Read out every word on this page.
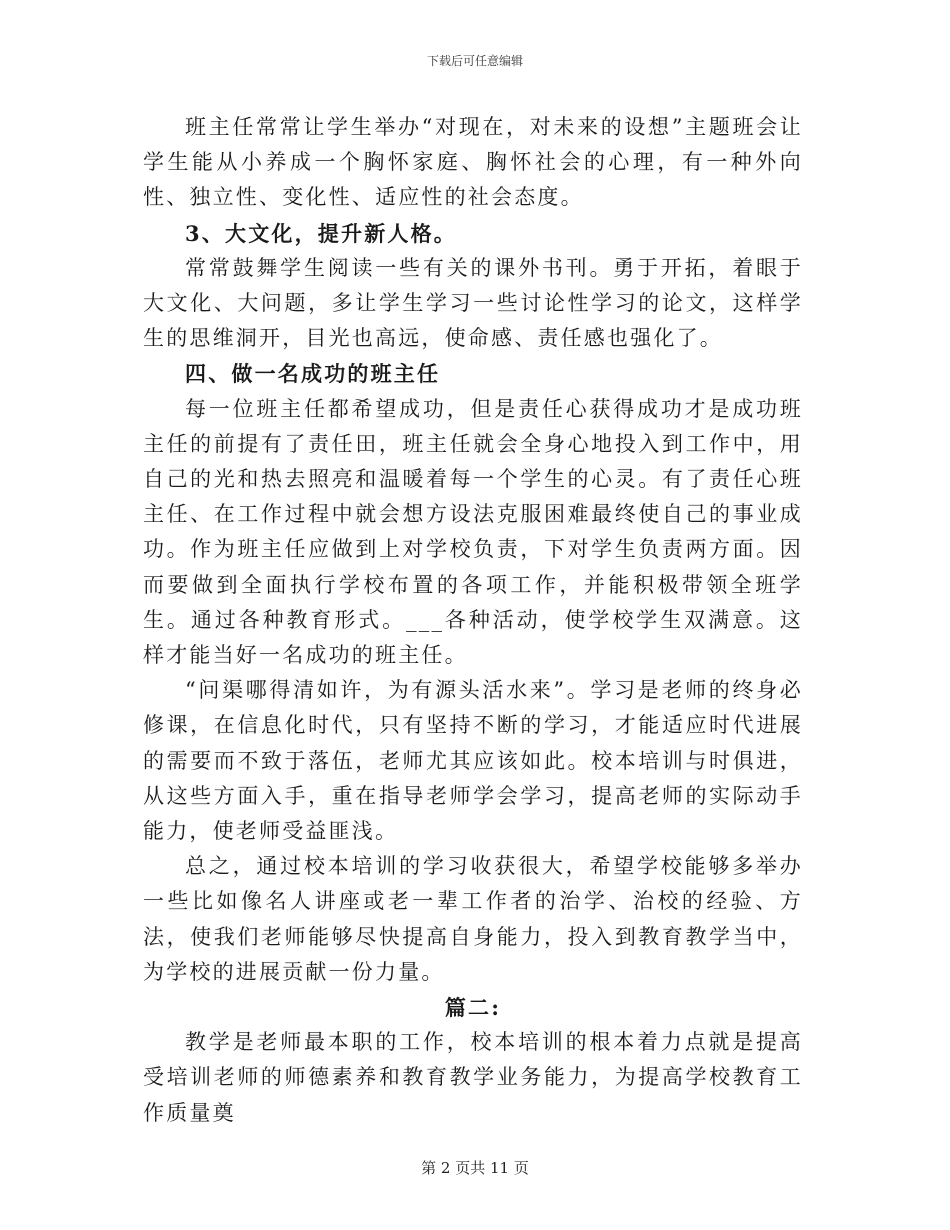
下载后可任意编辑

班主任常常让学生举办“对现在，对未来的设想”主题班会让学生能从小养成一个胸怀家庭、胸怀社会的心理，有一种外向性、独立性、变化性、适应性的社会态度。

3、大文化，提升新人格。

常常鼓舞学生阅读一些有关的课外书刊。勇于开拓，着眼于大文化、大问题，多让学生学习一些讨论性学习的论文，这样学生的思维洞开，目光也高远，使命感、责任感也强化了。

四、做一名成功的班主任

每一位班主任都希望成功，但是责任心获得成功才是成功班主任的前提有了责任田，班主任就会全身心地投入到工作中，用自己的光和热去照亮和温暖着每一个学生的心灵。有了责任心班主任、在工作过程中就会想方设法克服困难最终使自己的事业成功。作为班主任应做到上对学校负责，下对学生负责两方面。因而要做到全面执行学校布置的各项工作，并能积极带领全班学生。通过各种教育形式。___各种活动，使学校学生双满意。这样才能当好一名成功的班主任。

“问渠哪得清如许，为有源头活水来”。学习是老师的终身必修课，在信息化时代，只有坚持不断的学习，才能适应时代进展的需要而不致于落伍，老师尤其应该如此。校本培训与时俱进，从这些方面入手，重在指导老师学会学习，提高老师的实际动手能力，使老师受益匪浅。

总之，通过校本培训的学习收获很大，希望学校能够多举办一些比如像名人讲座或老一辈工作者的治学、治校的经验、方法，使我们老师能够尽快提高自身能力，投入到教育教学当中，为学校的进展贡献一份力量。

篇二:

教学是老师最本职的工作，校本培训的根本着力点就是提高受培训老师的师德素养和教育教学业务能力，为提高学校教育工作质量奠

第 2 页共 11 页
